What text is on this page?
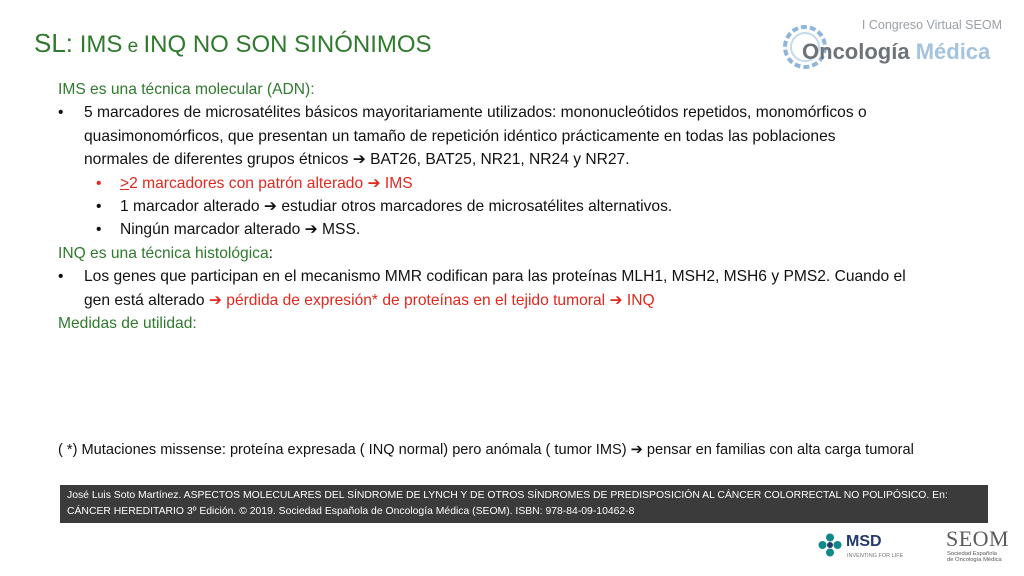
SL: IMS e INQ NO SON SINÓNIMOS
I Congreso Virtual SEOM
Oncología Médica
IMS es una técnica molecular (ADN):
• 5 marcadores de microsatélites básicos mayoritariamente utilizados: mononucleótidos repetidos, monomórficos o
quasimonomórficos, que presentan un tamaño de repetición idéntico prácticamente en todas las poblaciones
normales de diferentes grupos étnicos ➔ BAT26, BAT25, NR21, NR24 y NR27.
• ≥2 marcadores con patrón alterado ➔ IMS
• 1 marcador alterado ➔ estudiar otros marcadores de microsatélites alternativos.
• Ningún marcador alterado ➔ MSS.
INQ es una técnica histológica:
• Los genes que participan en el mecanismo MMR codifican para las proteínas MLH1, MSH2, MSH6 y PMS2. Cuando el
gen está alterado ➔ pérdida de expresión* de proteínas en el tejido tumoral ➔ INQ
Medidas de utilidad:
( *) Mutaciones missense: proteína expresada ( INQ normal) pero anómala ( tumor IMS) ➔ pensar en familias con alta carga tumoral
José Luis Soto Martínez. ASPECTOS MOLECULARES DEL SÍNDROME DE LYNCH Y DE OTROS SÍNDROMES DE PREDISPOSICIÓN AL CÁNCER COLORRECTAL NO POLIPÓSICO. En:
CÁNCER HEREDITARIO 3º Edición. © 2019. Sociedad Española de Oncología Médica (SEOM). ISBN: 978-84-09-10462-8
MSD
INVENTING FOR LIFE
SEOM
Sociedad Española
de Oncología Médica
